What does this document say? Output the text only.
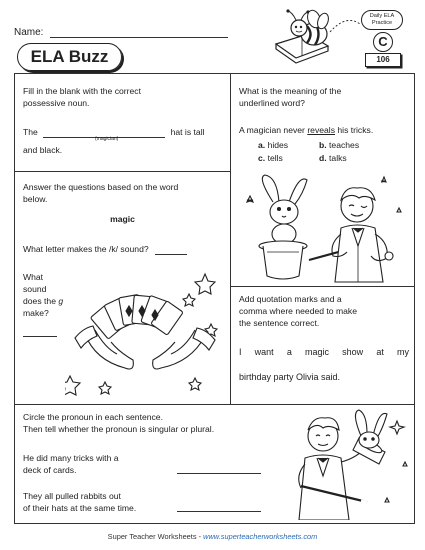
Name:
ELA Buzz
Daily ELA
Practice
C
106
Fill in the blank with the correct
possessive noun.
The	hat is tall
(magician)
and black.
What is the meaning of the
underlined word?
A magician never reveals his tricks.
a. hides	b. teaches
c. tells	d. talks
Answer the questions based on the word
below.
magic
What letter makes the /k/ sound?
What
sound
does the g
make?
Add quotation marks and a
comma where needed to make
the sentence correct.
I want a magic show at my
birthday party Olivia said.
Circle the pronoun in each sentence.
Then tell whether the pronoun is singular or plural.
He did many tricks with a
deck of cards.
They all pulled rabbits out
of their hats at the same time.
Super Teacher Worksheets - www.superteacherworksheets.com
